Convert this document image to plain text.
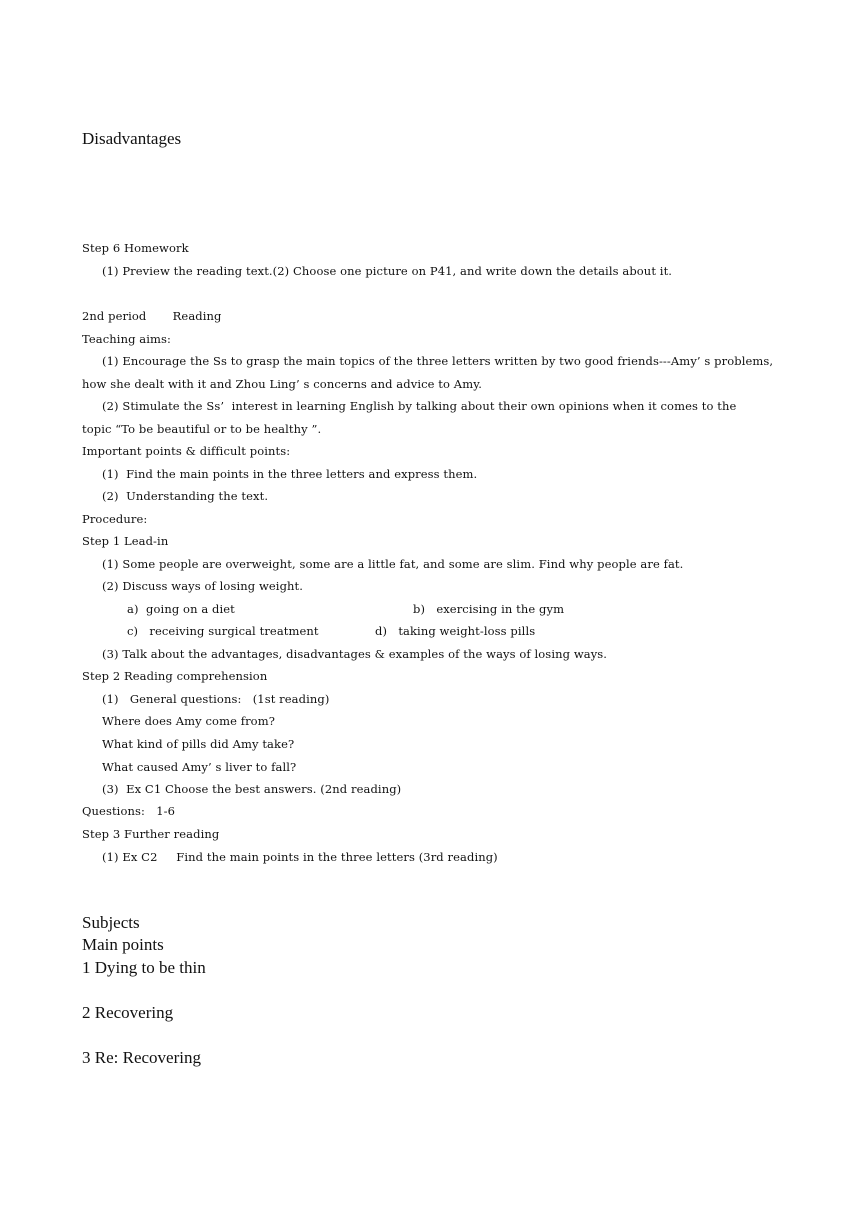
Disadvantages
Step 6 Homework
(1) Preview the reading text.(2) Choose one picture on P41, and write down the details about it.
2nd period       Reading
Teaching aims:
(1) Encourage the Ss to grasp the main topics of the three letters written by two good friends---Amy’ s problems,
how she dealt with it and Zhou Ling’ s concerns and advice to Amy.
(2) Stimulate the Ss’  interest in learning English by talking about their own opinions when it comes to the
topic “To be beautiful or to be healthy ”.
Important points & difficult points:
(1)  Find the main points in the three letters and express them.
(2)  Understanding the text.
Procedure:
Step 1 Lead-in
(1) Some people are overweight, some are a little fat, and some are slim. Find why people are fat.
(2) Discuss ways of losing weight.
a)  going on a diet	b)   exercising in the gym
c)   receiving surgical treatment	d)   taking weight-loss pills
(3) Talk about the advantages, disadvantages & examples of the ways of losing ways.
Step 2 Reading comprehension
(1)   General questions:   (1st reading)
Where does Amy come from?
What kind of pills did Amy take?
What caused Amy’ s liver to fall?
(3)  Ex C1 Choose the best answers. (2nd reading)
Questions:   1-6
Step 3 Further reading
(1) Ex C2     Find the main points in the three letters (3rd reading)
Subjects
Main points
1 Dying to be thin
2 Recovering
3 Re: Recovering
